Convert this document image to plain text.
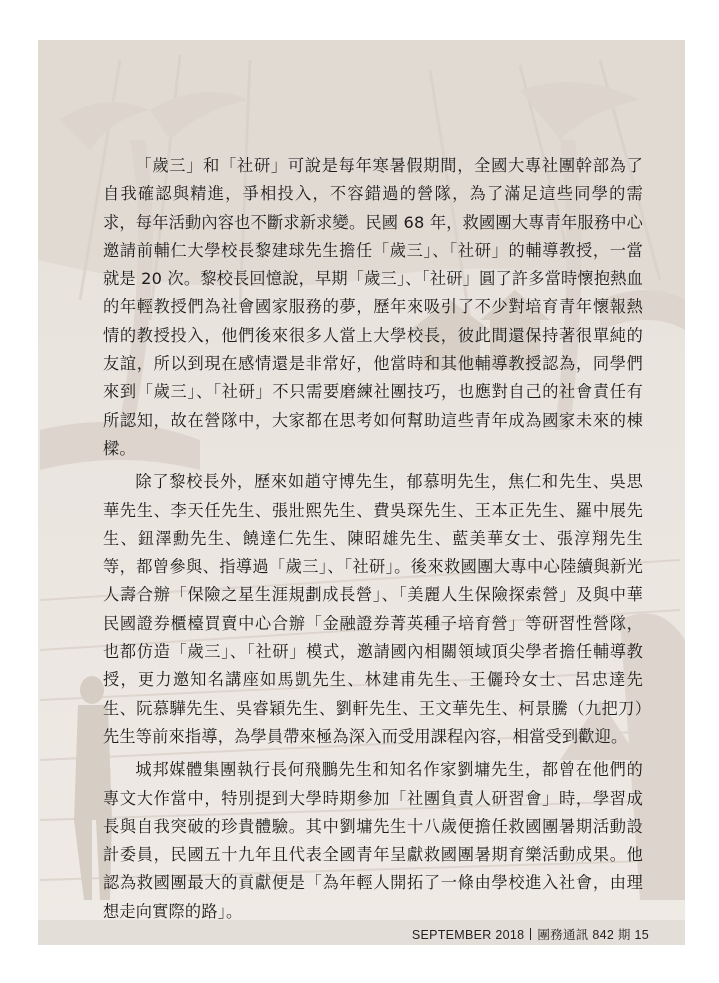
「歲三」和「社研」可說是每年寒暑假期間，全國大專社團幹部為了自我確認與精進，爭相投入，不容錯過的營隊，為了滿足這些同學的需求，每年活動內容也不斷求新求變。民國 68 年，救國團大專青年服務中心邀請前輔仁大學校長黎建球先生擔任「歲三」、「社研」的輔導教授，一當就是 20 次。黎校長回憶說，早期「歲三」、「社研」圓了許多當時懷抱熱血的年輕教授們為社會國家服務的夢，歷年來吸引了不少對培育青年懷報熱情的教授投入，他們後來很多人當上大學校長，彼此間還保持著很單純的友誼，所以到現在感情還是非常好，他當時和其他輔導教授認為，同學們來到「歲三」、「社研」不只需要磨練社團技巧，也應對自己的社會責任有所認知，故在營隊中，大家都在思考如何幫助這些青年成為國家未來的棟樑。

除了黎校長外，歷來如趙守博先生，郁慕明先生，焦仁和先生、吳思華先生、李天任先生、張壯熙先生、費吳琛先生、王本正先生、羅中展先生、鈕澤勳先生、饒達仁先生、陳昭雄先生、藍美華女士、張淳翔先生等，都曾參與、指導過「歲三」、「社研」。後來救國團大專中心陸續與新光人壽合辦「保險之星生涯規劃成長營」、「美麗人生保險探索營」及與中華民國證券櫃檯買賣中心合辦「金融證券菁英種子培育營」等研習性營隊，也都仿造「歲三」、「社研」模式，邀請國內相關領域頂尖學者擔任輔導教授，更力邀知名講座如馬凱先生、林建甫先生、王儷玲女士、呂忠達先生、阮慕驊先生、吳睿穎先生、劉軒先生、王文華先生、柯景騰（九把刀）先生等前來指導，為學員帶來極為深入而受用課程內容，相當受到歡迎。

城邦媒體集團執行長何飛鵬先生和知名作家劉墉先生，都曾在他們的專文大作當中，特別提到大學時期參加「社團負責人研習會」時，學習成長與自我突破的珍貴體驗。其中劉墉先生十八歲便擔任救國團暑期活動設計委員，民國五十九年且代表全國青年呈獻救國團暑期育樂活動成果。他認為救國團最大的貢獻便是「為年輕人開拓了一條由學校進入社會，由理想走向實際的路」。

SEPTEMBER 2018 團務通訊 842 期 15
